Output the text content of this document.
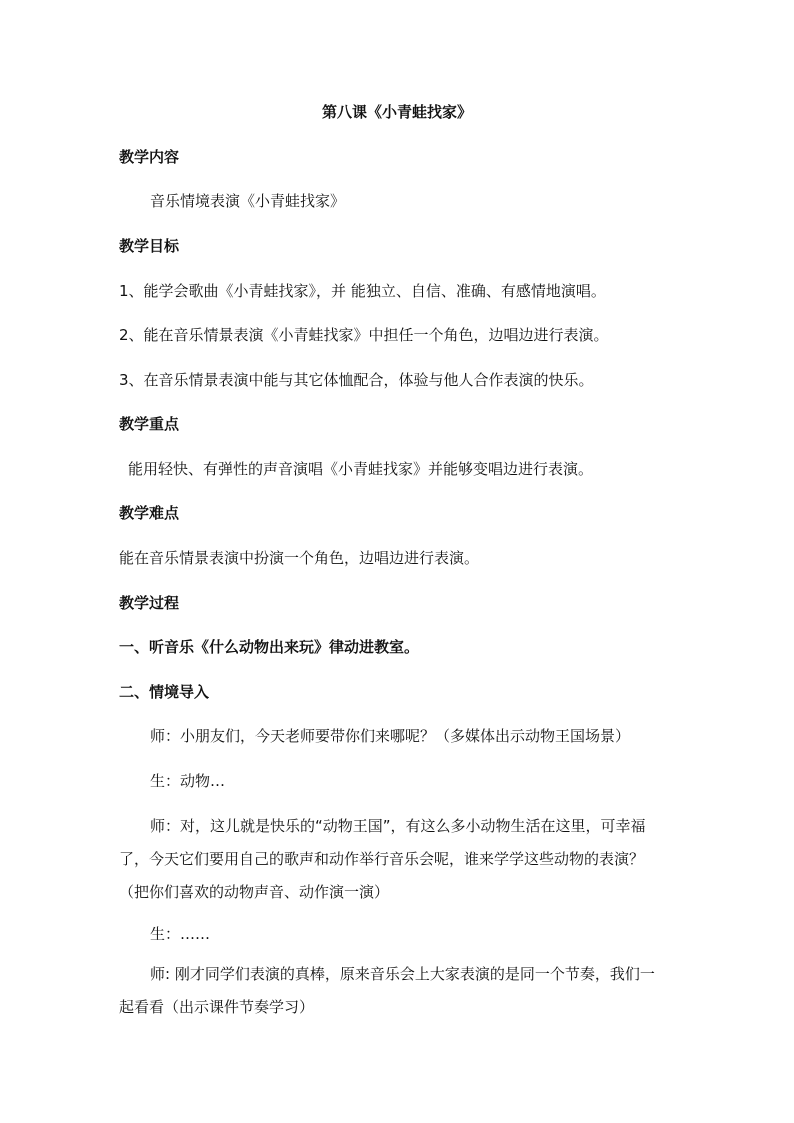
第八课《小青蛙找家》
教学内容
音乐情境表演《小青蛙找家》
教学目标
1、能学会歌曲《小青蛙找家》，并 能独立、自信、准确、有感情地演唱。
2、能在音乐情景表演《小青蛙找家》中担任一个角色，边唱边进行表演。
3、在音乐情景表演中能与其它体恤配合，体验与他人合作表演的快乐。
教学重点
能用轻快、有弹性的声音演唱《小青蛙找家》并能够变唱边进行表演。
教学难点
能在音乐情景表演中扮演一个角色，边唱边进行表演。
教学过程
一、听音乐《什么动物出来玩》律动进教室。
二、情境导入
师：小朋友们，今天老师要带你们来哪呢？（多媒体出示动物王国场景）
生：动物…
师：对，这儿就是快乐的“动物王国”，有这么多小动物生活在这里，可幸福了，今天它们要用自己的歌声和动作举行音乐会呢，谁来学学这些动物的表演？（把你们喜欢的动物声音、动作演一演）
生：……
师: 刚才同学们表演的真棒，原来音乐会上大家表演的是同一个节奏，我们一起看看（出示课件节奏学习）
